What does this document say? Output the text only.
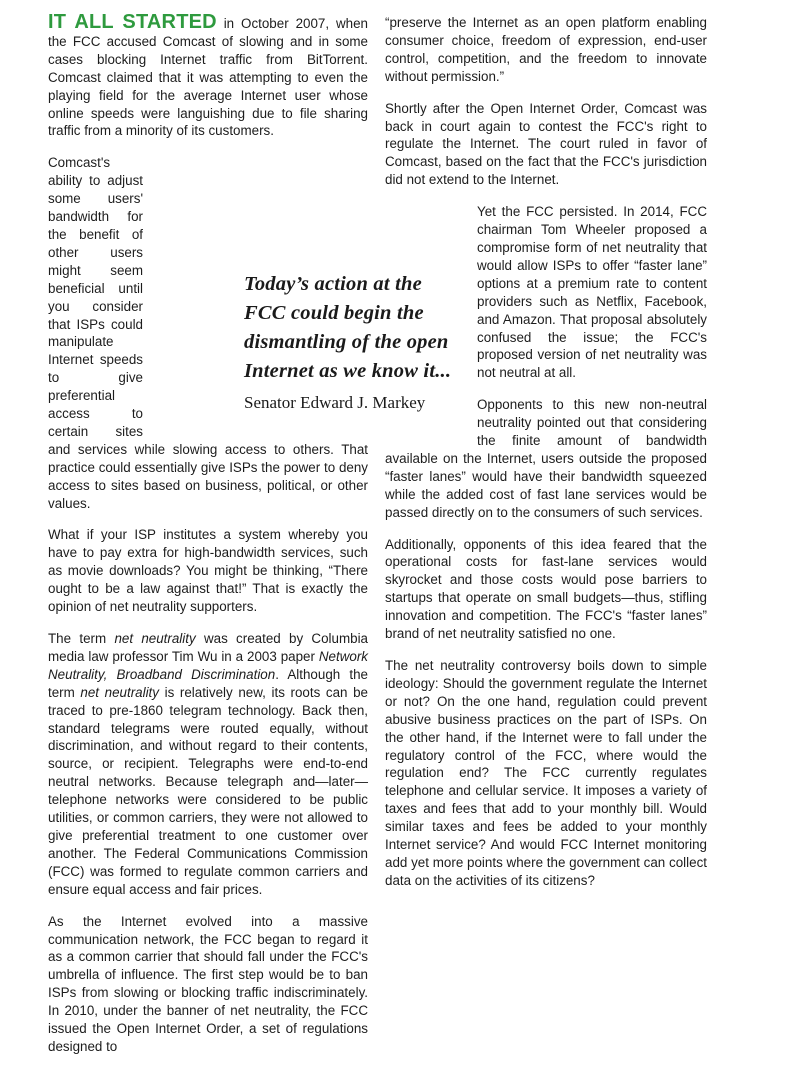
IT ALL STARTED in October 2007, when the FCC accused Comcast of slowing and in some cases blocking Internet traffic from BitTorrent. Comcast claimed that it was attempting to even the playing field for the average Internet user whose online speeds were languishing due to file sharing traffic from a minority of its customers.

Comcast's ability to adjust some users' bandwidth for the benefit of other users might seem beneficial until you consider that ISPs could manipulate Internet speeds to give preferential access to certain sites and services while slowing access to others. That practice could essentially give ISPs the power to deny access to sites based on business, political, or other values.

What if your ISP institutes a system whereby you have to pay extra for high-bandwidth services, such as movie downloads? You might be thinking, “There ought to be a law against that!” That is exactly the opinion of net neutrality supporters.

The term net neutrality was created by Columbia media law professor Tim Wu in a 2003 paper Network Neutrality, Broadband Discrimination. Although the term net neutrality is relatively new, its roots can be traced to pre-1860 telegram technology. Back then, standard telegrams were routed equally, without discrimination, and without regard to their contents, source, or recipient. Telegraphs were end-to-end neutral networks. Because telegraph and—later—telephone networks were considered to be public utilities, or common carriers, they were not allowed to give preferential treatment to one customer over another. The Federal Communications Commission (FCC) was formed to regulate common carriers and ensure equal access and fair prices.

As the Internet evolved into a massive communication network, the FCC began to regard it as a common carrier that should fall under the FCC's umbrella of influence. The first step would be to ban ISPs from slowing or blocking traffic indiscriminately. In 2010, under the banner of net neutrality, the FCC issued the Open Internet Order, a set of regulations designed to

“preserve the Internet as an open platform enabling consumer choice, freedom of expression, end-user control, competition, and the freedom to innovate without permission.”

Shortly after the Open Internet Order, Comcast was back in court again to contest the FCC's right to regulate the Internet. The court ruled in favor of Comcast, based on the fact that the FCC's jurisdiction did not extend to the Internet.

Yet the FCC persisted. In 2014, FCC chairman Tom Wheeler proposed a compromise form of net neutrality that would allow ISPs to offer “faster lane” options at a premium rate to content providers such as Netflix, Facebook, and Amazon. That proposal absolutely confused the issue; the FCC's proposed version of net neutrality was not neutral at all.

Opponents to this new non-neutral neutrality pointed out that considering the finite amount of bandwidth available on the Internet, users outside the proposed “faster lanes” would have their bandwidth squeezed while the added cost of fast lane services would be passed directly on to the consumers of such services.

Additionally, opponents of this idea feared that the operational costs for fast-lane services would skyrocket and those costs would pose barriers to startups that operate on small budgets—thus, stifling innovation and competition. The FCC's “faster lanes” brand of net neutrality satisfied no one.

The net neutrality controversy boils down to simple ideology: Should the government regulate the Internet or not? On the one hand, regulation could prevent abusive business practices on the part of ISPs. On the other hand, if the Internet were to fall under the regulatory control of the FCC, where would the regulation end? The FCC currently regulates telephone and cellular service. It imposes a variety of taxes and fees that add to your monthly bill. Would similar taxes and fees be added to your monthly Internet service? And would FCC Internet monitoring add yet more points where the government can collect data on the activities of its citizens?

Today’s action at the FCC could begin the dismantling of the open Internet as we know it...

Senator Edward J. Markey
